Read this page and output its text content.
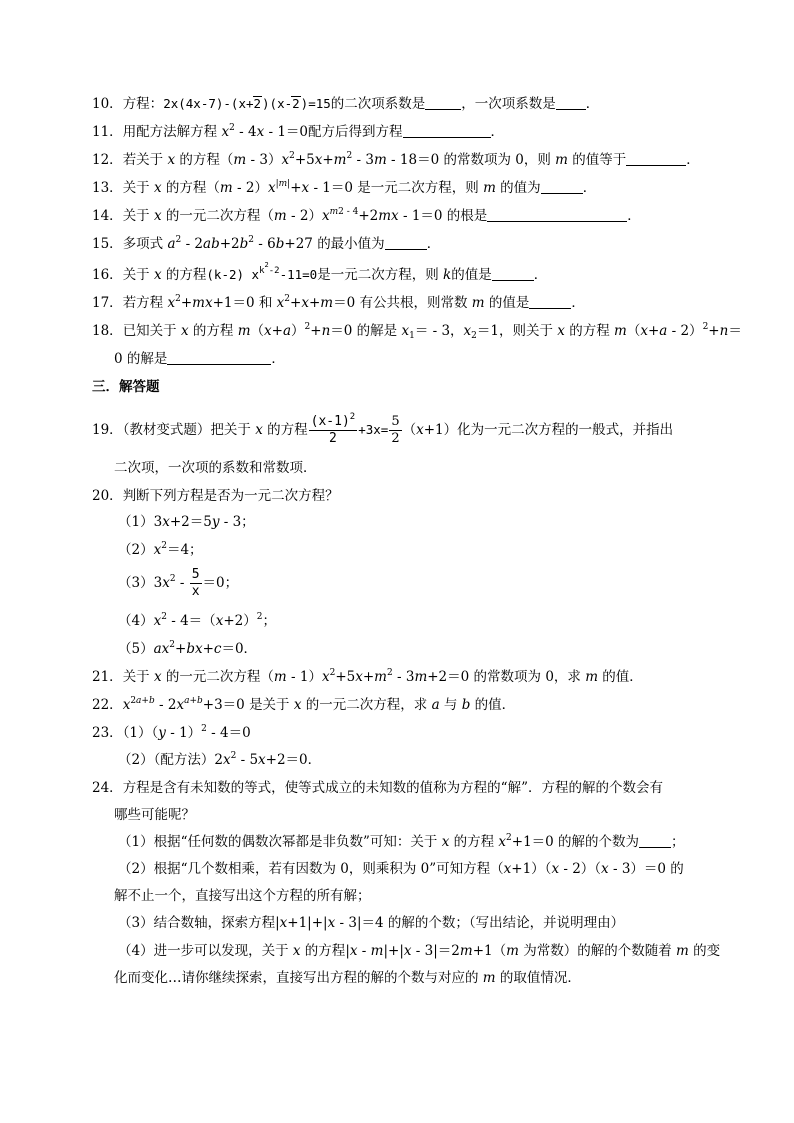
10．方程：2x(4x-7)-(x+2)(x-2)=15的二次项系数是	，一次项系数是 ．
11．用配方法解方程 $x^2 - 4x - 1=0$配方后得到方程	．
12．若关于 x 的方程$(m - 3)x^2+5x+m^2 - 3m - 18=0$ 的常数项为 0，则 m 的值等于	．
13．关于 x 的方程$(m - 2)x^{|m|}+x - 1=0$ 是一元二次方程，则 m 的值为	．
14．关于 x 的一元二次方程$(m - 2)x^{m2 - 4}+2mx - 1=0$ 的根是	．
15．多项式 $a^2 - 2ab+2b^2 - 6b+27$ 的最小值为	．
16．关于 x 的方程(k-2) $x^{k^2-2}-11=0$是一元二次方程，则 k的值是	．
17．若方程 $x^2+mx+1=0$ 和 $x^2+x+m=0$ 有公共根，则常数 m 的值是	．
18．已知关于 x 的方程 $m(x+a)^2+n=0$ 的解是 $x_1= - 3$，$x_2=1$，则关于 x 的方程 $m(x+a - 2)^2+n=$
0 的解是	．
三．解答题
19．（教材变式题）把关于 x 的方程 $\frac{(x-1)^2}{2} +3x= \frac{5}{2} (x+1)$化为一元二次方程的一般式，并指出
二次项，一次项的系数和常数项．
20．判断下列方程是否为一元二次方程？
（1）3x+2＝5y - 3；
$(2)x^2=4$；
$(3)3x^2 - \frac{5}{x} =0$；
$(4)x^2 - 4=(x+2)^2$；
$(5)ax^2+bx+c=0$．
21．关于 x 的一元二次方程$(m - 1)x^2+5x+m^2 - 3m+2=0$ 的常数项为 0，求 m 的值．
22．$x^{2a+b} - 2x^{a+b}+3=0$ 是关于 x 的一元二次方程，求 a 与 b 的值．
23．（1）（y - 1）$^2$ - 4＝0
（2）（配方法）$2x^2 - 5x+2=0$．
24．方程是含有未知数的等式，使等式成立的未知数的值称为方程的“解”．方程的解的个数会有
哪些可能呢？
（1）根据“任何数的偶数次幂都是非负数”可知：关于 x 的方程 $x^2+1=0$ 的解的个数为 ；
（2）根据“几个数相乘，若有因数为 0，则乘积为 0”可知方程（x+1）（x - 2）（x - 3）＝0 的
解不止一个，直接写出这个方程的所有解；
（3）结合数轴，探索方程|x+1|+|x - 3|＝4 的解的个数；（写出结论，并说明理由）
（4）进一步可以发现，关于 x 的方程|x - m|+|x - 3|＝2m+1（m 为常数）的解的个数随着 m 的变
化而变化…请你继续探索，直接写出方程的解的个数与对应的 m 的取值情况．
